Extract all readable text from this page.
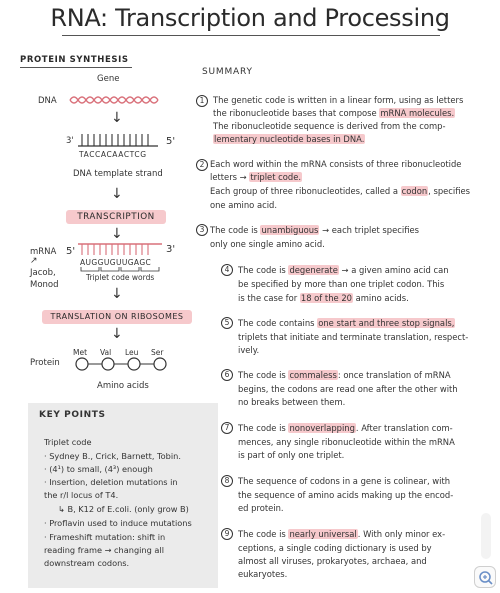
RNA: Transcription and Processing
PROTEIN SYNTHESIS
Gene
DNA
↓
3'	5'
TACCACAACTCG
DNA template strand
↓
TRANSCRIPTION
↓
mRNA 5'	3'
AUGGUGUUGAGC
Triplet code words
↗
Jacob,
Monod
↓
TRANSLATION ON RIBOSOMES
↓
Met Val Leu Ser
Protein
Amino acids
KEY POINTS
Triplet code
· Sydney B., Crick, Barnett, Tobin.
· (4¹) to small, (4³) enough
· Insertion, deletion mutations in
the r/l locus of T4.
↳ B, K12 of E.coli. (only grow B)
· Proflavin used to induce mutations
· Frameshift mutation: shift in
reading frame → changing all
downstream codons.
SUMMARY
1	The genetic code is written in a linear form, using as letters
the ribonucleotide bases that compose mRNA molecules.
The ribonucleotide sequence is derived from the comp-
lementary nucleotide bases in DNA.
2 Each word within the mRNA consists of three ribonucleotide
letters → triplet code.
Each group of three ribonucleotides, called a codon, specifies
one amino acid.
3 The code is unambiguous → each triplet specifies
only one single amino acid.
4	The code is degenerate → a given amino acid can
be specified by more than one triplet codon. This
is the case for 18 of the 20 amino acids.
5	The code contains one start and three stop signals,
triplets that initiate and terminate translation, respect-
ively.
6	The code is commaless: once translation of mRNA
begins, the codons are read one after the other with
no breaks between them.
7	The code is nonoverlapping. After translation com-
mences, any single ribonucleotide within the mRNA
is part of only one triplet.
8	The sequence of codons in a gene is colinear, with
the sequence of amino acids making up the encod-
ed protein.
9	The code is nearly universal. With only minor ex-
ceptions, a single coding dictionary is used by
almost all viruses, prokaryotes, archaea, and
eukaryotes.
